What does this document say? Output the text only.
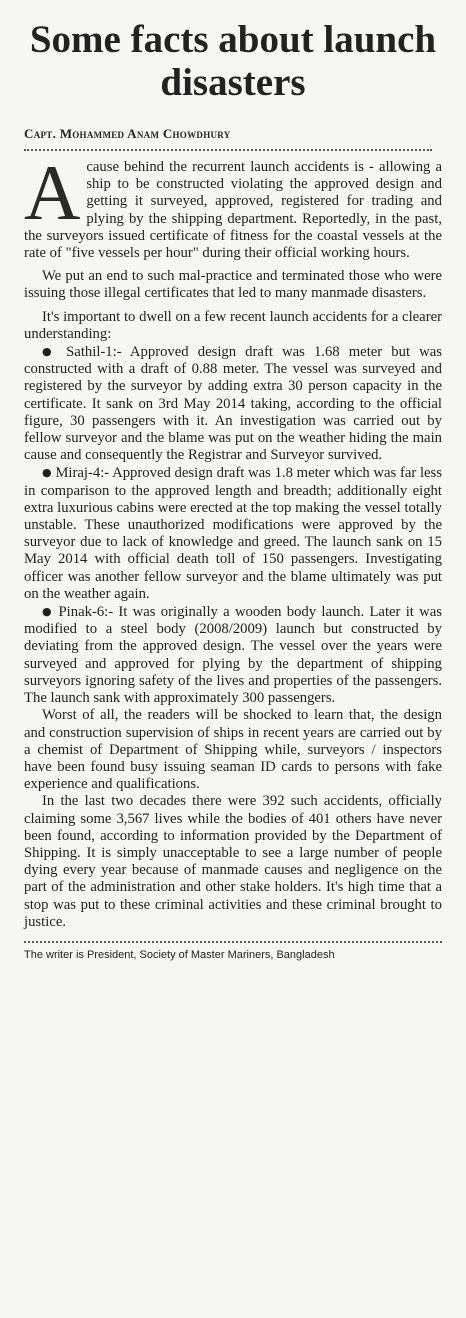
Some facts about launch disasters
Capt. Mohammed Anam Chowdhury

Acause behind the recurrent launch accidents is - allowing a ship to be constructed violating the approved design and getting it surveyed, approved, registered for trading and plying by the shipping department. Reportedly, in the past, the surveyors issued certificate of fitness for the coastal vessels at the rate of "five vessels per hour" during their official working hours.

We put an end to such mal-practice and terminated those who were issuing those illegal certificates that led to many manmade disasters.

It's important to dwell on a few recent launch accidents for a clearer understanding:

● Sathil-1:- Approved design draft was 1.68 meter but was constructed with a draft of 0.88 meter. The vessel was surveyed and registered by the surveyor by adding extra 30 person capacity in the certificate. It sank on 3rd May 2014 taking, according to the official figure, 30 passengers with it. An investigation was carried out by fellow surveyor and the blame was put on the weather hiding the main cause and consequently the Registrar and Surveyor survived.

● Miraj-4:- Approved design draft was 1.8 meter which was far less in comparison to the approved length and breadth; additionally eight extra luxurious cabins were erected at the top making the vessel totally unstable. These unauthorized modifications were approved by the surveyor due to lack of knowledge and greed. The launch sank on 15 May 2014 with official death toll of 150 passengers. Investigating officer was another fellow surveyor and the blame ultimately was put on the weather again.

● Pinak-6:- It was originally a wooden body launch. Later it was modified to a steel body (2008/2009) launch but constructed by deviating from the approved design. The vessel over the years were surveyed and approved for plying by the department of shipping surveyors ignoring safety of the lives and properties of the passengers. The launch sank with approximately 300 passengers.

Worst of all, the readers will be shocked to learn that, the design and construction supervision of ships in recent years are carried out by a chemist of Department of Shipping while, surveyors / inspectors have been found busy issuing seaman ID cards to persons with fake experience and qualifications.

In the last two decades there were 392 such accidents, officially claiming some 3,567 lives while the bodies of 401 others have never been found, according to information provided by the Department of Shipping. It is simply unacceptable to see a large number of people dying every year because of manmade causes and negligence on the part of the administration and other stake holders. It's high time that a stop was put to these criminal activities and these criminal brought to justice.

The writer is President, Society of Master Mariners, Bangladesh
